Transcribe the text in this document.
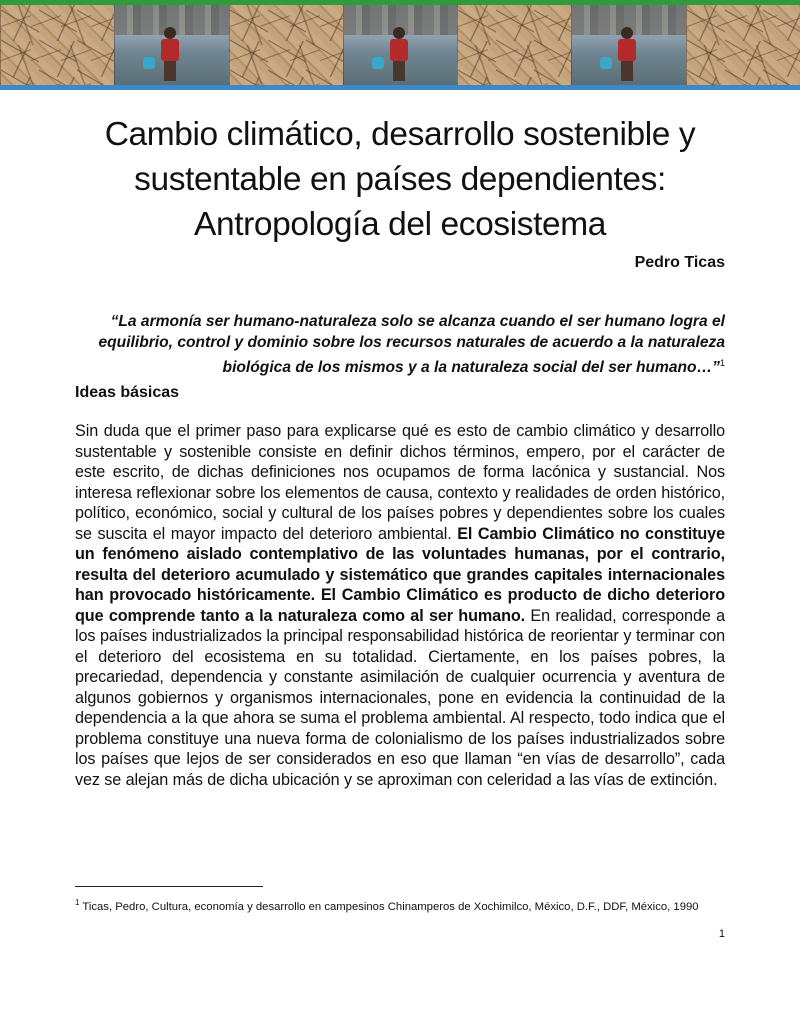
Cambio climático, desarrollo sostenible y
sustentable en países dependientes:
Antropología del ecosistema
Pedro Ticas
“La armonía ser humano-naturaleza solo se alcanza cuando el ser humano logra el equilibrio, control y dominio sobre los recursos naturales de acuerdo a la naturaleza biológica de los mismos y a la naturaleza social del ser humano…”$^1$
Ideas básicas

Sin duda que el primer paso para explicarse qué es esto de cambio climático y desarrollo sustentable y sostenible consiste en definir dichos términos, empero, por el carácter de este escrito, de dichas definiciones nos ocupamos de forma lacónica y sustancial. Nos interesa reflexionar sobre los elementos de causa, contexto y realidades de orden histórico, político, económico, social y cultural de los países pobres y dependientes sobre los cuales se suscita el mayor impacto del deterioro ambiental. El Cambio Climático no constituye un fenómeno aislado contemplativo de las voluntades humanas, por el contrario, resulta del deterioro acumulado y sistemático que grandes capitales internacionales han provocado históricamente. El Cambio Climático es producto de dicho deterioro que comprende tanto a la naturaleza como al ser humano. En realidad, corresponde a los países industrializados la principal responsabilidad histórica de reorientar y terminar con el deterioro del ecosistema en su totalidad. Ciertamente, en los países pobres, la precariedad, dependencia y constante asimilación de cualquier ocurrencia y aventura de algunos gobiernos y organismos internacionales, pone en evidencia la continuidad de la dependencia a la que ahora se suma el problema ambiental. Al respecto, todo indica que el problema constituye una nueva forma de colonialismo de los países industrializados sobre los países que lejos de ser considerados en eso que llaman “en vías de desarrollo”, cada vez se alejan más de dicha ubicación y se aproximan con celeridad a las vías de extinción.

$^1$ Ticas, Pedro, Cultura, economía y desarrollo en campesinos Chinamperos de Xochimilco, México, D.F., DDF, México, 1990
1
